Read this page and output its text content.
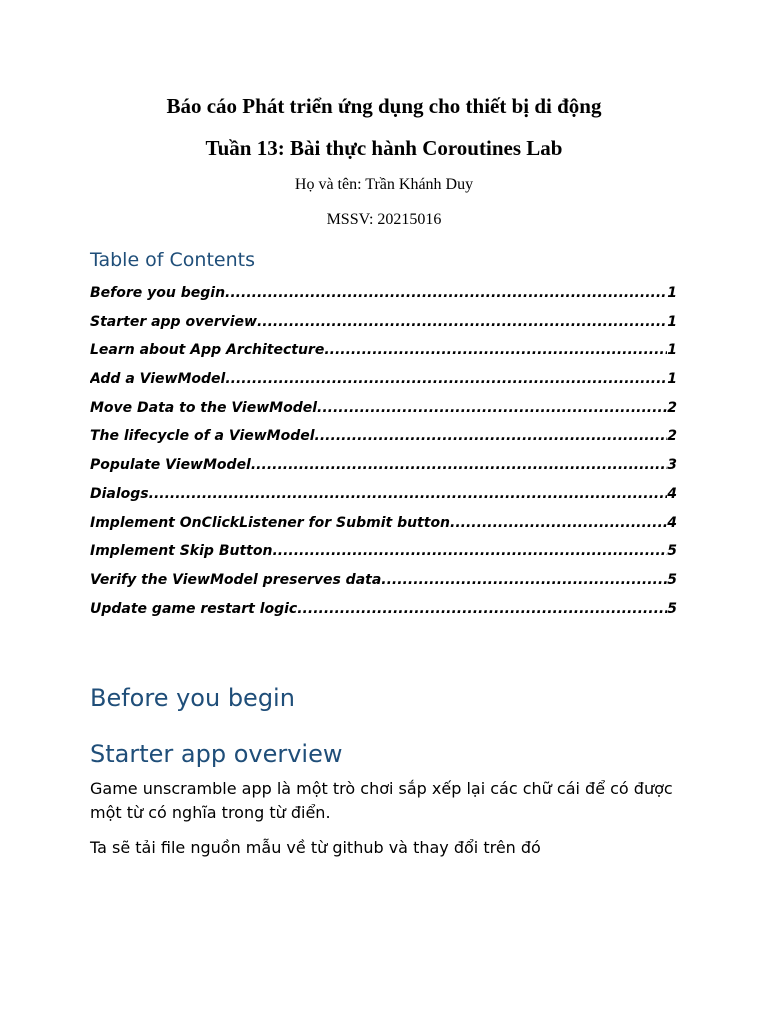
Báo cáo Phát triển ứng dụng cho thiết bị di động
Tuần 13: Bài thực hành Coroutines Lab
Họ và tên: Trần Khánh Duy
MSSV: 20215016
Table of Contents
Before you begin .....	1
Starter app overview .....	1
Learn about App Architecture .....	1
Add a ViewModel .....	1
Move Data to the ViewModel .....	2
The lifecycle of a ViewModel .....	2
Populate ViewModel .....	3
Dialogs .....	4
Implement OnClickListener for Submit button .....	4
Implement Skip Button .....	5
Verify the ViewModel preserves data .....	5
Update game restart logic .....	5
Before you begin
Starter app overview

Game unscramble app là một trò chơi sắp xếp lại các chữ cái để có được một từ có nghĩa trong từ điển.

Ta sẽ tải file nguồn mẫu về từ github và thay đổi trên đó
